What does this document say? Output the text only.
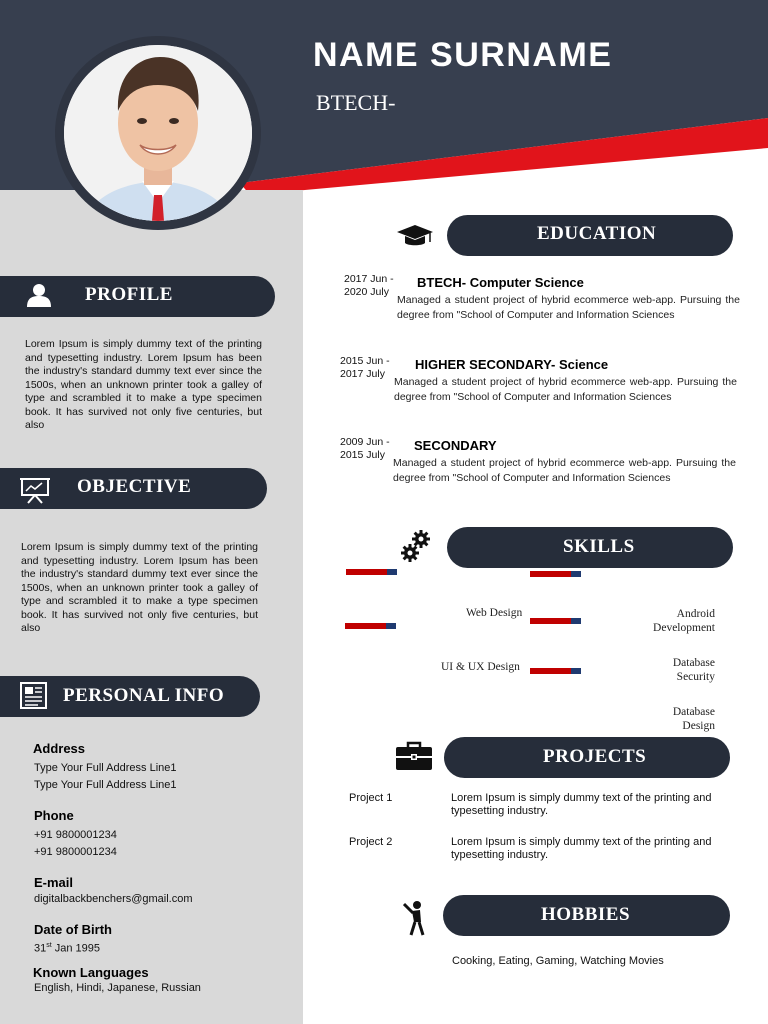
NAME SURNAME
BTECH-
PROFILE
Lorem Ipsum is simply dummy text of the printing and typesetting industry. Lorem Ipsum has been the industry's standard dummy text ever since the 1500s, when an unknown printer took a galley of type and scrambled it to make a type specimen book. It has survived not only five centuries, but also
OBJECTIVE
Lorem Ipsum is simply dummy text of the printing and typesetting industry. Lorem Ipsum has been the industry's standard dummy text ever since the 1500s, when an unknown printer took a galley of type and scrambled it to make a type specimen book. It has survived not only five centuries, but also
PERSONAL INFO
Address
Type Your Full Address Line1
Type Your Full Address Line1
Phone
+91 9800001234
+91 9800001234
E-mail
digitalbackbenchers@gmail.com
Date of Birth
31st Jan 1995
Known Languages
English, Hindi, Japanese, Russian
EDUCATION
2017 Jun -
2020 July
BTECH- Computer Science
Managed a student project of hybrid ecommerce web-app. Pursuing the degree from "School of Computer and Information Sciences
2015 Jun -
2017 July
HIGHER SECONDARY- Science
Managed a student project of hybrid ecommerce web-app. Pursuing the degree from "School of Computer and Information Sciences
2009 Jun -
2015 July
SECONDARY
Managed a student project of hybrid ecommerce web-app. Pursuing the degree from "School of Computer and Information Sciences
SKILLS
Web Design	Android Development
UI & UX Design	Database Security
Database Design
PROJECTS
Project 1	Lorem Ipsum is simply dummy text of the printing and typesetting industry.
Project 2	Lorem Ipsum is simply dummy text of the printing and typesetting industry.
HOBBIES
Cooking, Eating, Gaming, Watching Movies
